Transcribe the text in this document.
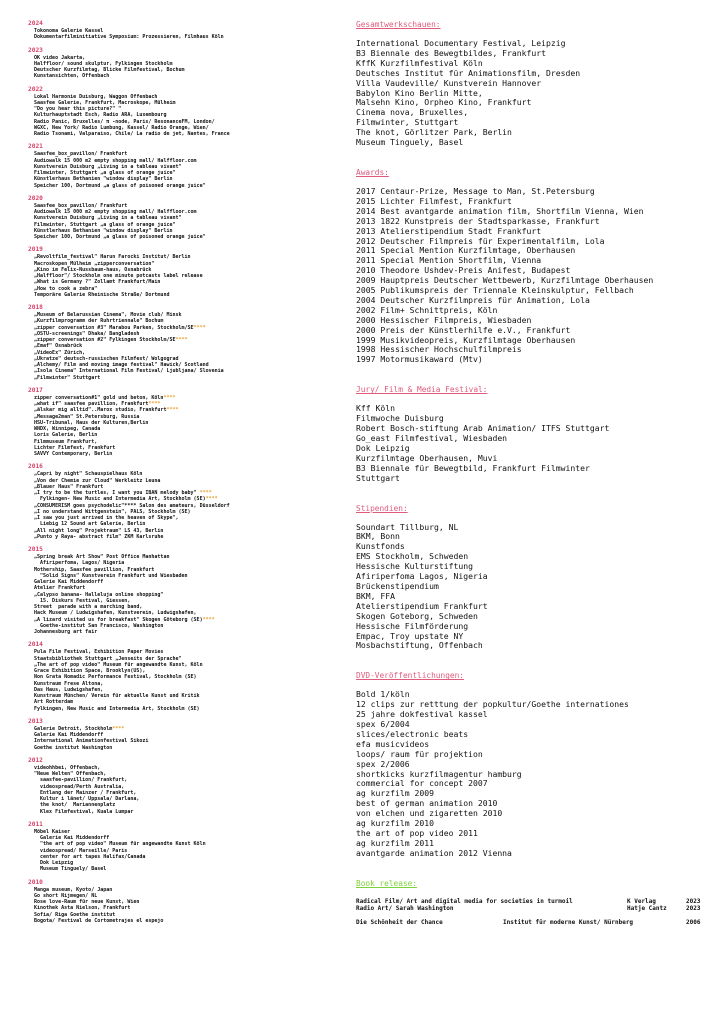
2024
Tokonoma Galerie Kassel
Dokumentarfilminitiative Symposium: Prozessieren, Filmhaus Köln
2023
OK video Jakarta,
Halffloor/ sound skulptur, Fylkingen Stockholm
Deutscher Kurzfilmtag, Blicke Filmfestival, Bochum
Kunstansichten, Offenbach
2022
Lokal Harmonie Duisburg, Waggon Offenbach
Saasfee Galerie, Frankfurt, Macroskope, Mülheim
"Do you hear this picture?" "
Kulturhauptstadt Esch, Radio ARA, Luxembourg
Radio Panic, Bruxelles/ π -node, Paris/ ResonanceFM, London/
WGXC, New York/ Radio Lumbung, Kassel/ Radio Orange, Wien/
Radio Tsonami, Valparaiso, Chile/ La radio de jet, Nantes, France
2021
Saasfee_box_pavillon/ Frankfurt
Audiowalk 15 000 m2 empty shopping mall/ Halffloor.com
Kunstverein Duisburg „Living in a tableau vivant"
Filmwinter, Stuttgart „a glass of orange juice"
Künstlerhaus Bethanien "window display" Berlin
Speicher 100, Dortmund „a glass of poisoned orange juice"
2020
Saasfee_box_pavillon/ Frankfurt
Audiowalk 15 000 m2 empty shopping mall/ Halffloor.com
Kunstverein Duisburg „Living in a tableau vivant"
Filmwinter, Stuttgart „a glass of orange juice"
Künstlerhaus Bethanien "window display" Berlin
Speicher 100, Dortmund „a glass of poisoned orange juice"
2019
„Revoltfilm_festival" Harun Farocki Institut/ Berlin
Macroskopen_Mülheim „zipperconversation"
„Kino im Felix-Nussbaum-haus, Osnabrück
„Halffloor"/ Stockholm one minute potcasts label release
„What is Germany ?" Zollamt Frankfurt/Main
„How to cook a zebra"
Temporäre Galerie Rheinische Straße/ Dortmund
2018
„Museum of Belarussian Cinema", Movie club/ Minsk
„Kurzfilmprogramm der Ruhrtriennale" Bochum
„zipper conversation #3" Marabou Parken, Stockholm/SE****
„OSTU-screenings" Dhaka/ Bangladesh
„zipper conversation #2" Fylkingen Stockholm/SE****
„Emaf" Osnabrück
„VideoEx" Zürich,
„Ukratze" deutsch-russischen Filmfest/ Wolgograd
„Alchemy/ Film and moving image festival" Hawick/ Scotland
„Isola Cinema" International Film Festival/ Ljubljana/ Slovenia
„Filmwinter" Stuttgart
2017
zipper conversation#1" gold und beton, Köln****
„what if" saasfee pavillion, Frankfurt****
„älskar mig alltid"..Marox studio, Frankfurt****
„Message2man" St.Petersburg, Russia
HSU-Tribunal, Haus der Kulturen,Berlin
WNDX, Winnipeg, Canada
Loris Galerie, Berlin
Filmmuseum Frankfurt,
Lichter Filmfest, Frankfurt
SAVVY Contemporary, Berlin
2016
„Capri by night" Schauspielhaus Köln
„Von der Chemie zur Cloud" Werkleitz Leuna
„Blauer Haus" Frankfurt
„I try to be the turtles, I want you IBAN melody baby" ****
Fylkingen- New Music and Intermedia Art, Stockholm (SE)****
„CONSUMERISM goes psychodelic"**** Salon des amateurs, Düsseldorf
„I no understand Wittgenstein", PALS, Stockholm (SE)
„I saw you just arrived in the heaven of Skype",
Liebig 12 Sound art Galerie, Berlin
„All night long" Projektraum" LS 43, Berlin
„Punto y Raya- abstract film" ZKM Karlsruhe
2015
„Spring break Art Show" Post Office Manhattan
Afiriperfoma, Lagos/ Nigeria
Mothership, Saasfee pavillion, Frankfurt
"Solid Signs" Kunstverein Frankfurt und Wiesbaden
Galerie Kai Middendorff
Atelier Frankfurt
„Calypso banana- Halleluja online shopping"
15. Diskurs Festival, Giessen,
Street  parade with a marching band,
Hack Museum / Ludwigshafen, Kunstverein, Ludwigshafen,
„A lizard visited us for breakfast" Skogen Göteborg (SE)****
Goethe-institut San Francisco, Washington
Johannesburg art fair
2014
Pula Film Festival, Exhibition Paper Movies
Staatsbibliothek Stuttgart „Jenseits der Sprache"
„The art of pop video" Museum für angewandte Kunst, Köln
Grace Exhibition Space, Brooklyn(US),
Non Grata Nomadic Performance Festival, Stockholm (SE)
Kunstraum Frese Altona,
Das Haus, Ludwigshafen,
Kunstraum München/ Verein für aktuelle Kunst und Kritik
Art Rotterdam
Fylkingen, New Music and Intermedia Art, Stockholm (SE)
2013
Galerie Detroit, Stockholm****
Galerie Kai Middendorff
International Animationfestival Sikozi
Goethe institut Washington
2012
videohhbei, Offenbach,
"Neue Welten" Offenbach,
saasfee-pavillion/ Frankfurt,
videospread/Perth Australia,
Entlang der Mainzer / Frankfurt,
Kultur i länet/ Uppsala/ Darlana,
the knot/  Mariannenplatz
Klex Filmfestival, Kuala Lumpar
2011
Möbel Kaiser
Galerie Kai Middendorff
"the art of pop video" Museum für angewandte Kunst Köln
videospread/ Marseille/ Paris
center for art tapes Halifax/Canada
Dok Leipzig
Museum Tinguely/ Basel
2010
Manga museum, Kyoto/ Japan
Go short Nijmegen/ NL
Rose love-Raum für neue Kunst, Wien
Kinothek Asta Nielson, Frankfurt
Sofia/ Riga Goethe institut
Bogota/ Festival de Cortometrajes el espejo
Gesamtwerkschauen:
International Documentary Festival, Leipzig
B3 Biennale des Bewegtbildes, Frankfurt
KffK Kurzfilmfestival Köln
Deutsches Institut für Animationsfilm, Dresden
Villa Vaudeville/ Kunstverein Hannover
Babylon Kino Berlin Mitte,
Malsehn Kino, Orpheo Kino, Frankfurt
Cinema nova, Bruxelles,
Filmwinter, Stuttgart
The knot, Görlitzer Park, Berlin
Museum Tinguely, Basel
Awards:
2017 Centaur-Prize, Message to Man, St.Petersburg
2015 Lichter Filmfest, Frankfurt
2014 Best avantgarde animation film, Shortfilm Vienna, Wien
2013 1822 Kunstpreis der Stadtsparkasse, Frankfurt
2013 Atelierstipendium Stadt Frankfurt
2012 Deutscher Filmpreis für Experimentalfilm, Lola
2011 Special Mention Kurzfilmtage, Oberhausen
2011 Special Mention Shortfilm, Vienna
2010 Theodore Ushdev-Preis Anifest, Budapest
2009 Hauptpreis Deutscher Wettbewerb, Kurzfilmtage Oberhausen
2005 Publikumspreis der Triennale Kleinskulptur, Fellbach
2004 Deutscher Kurzfilmpreis für Animation, Lola
2002 Film+ Schnittpreis, Köln
2000 Hessischer Filmpreis, Wiesbaden
2000 Preis der Künstlerhilfe e.V., Frankfurt
1999 Musikvideopreis, Kurzfilmtage Oberhausen
1998 Hessischer Hochschulfilmpreis
1997 Motormusikaward (Mtv)
Jury/ Film & Media Festival:
Kff Köln
Filmwoche Duisburg
Robert Bosch-stiftung Arab Animation/ ITFS Stuttgart
Go_east Filmfestival, Wiesbaden
Dok Leipzig
Kurzfilmtage Oberhausen, Muvi
B3 Biennale für Bewegtbild, Frankfurt Filmwinter
Stuttgart
Stipendien:
Soundart Tillburg, NL
BKM, Bonn
Kunstfonds
EMS Stockholm, Schweden
Hessische Kulturstiftung
Afiriperfoma Lagos, Nigeria
Brückenstipendium
BKM, FFA
Atelierstipendium Frankfurt
Skogen Goteborg, Schweden
Hessische Filmförderung
Empac, Troy upstate NY
Mosbachstiftung, Offenbach
DVD-Veröffentlichungen:
Bold 1/köln
12 clips zur retttung der popkultur/Goethe internationes
25 jahre dokfestival kassel
spex 6/2004
slices/electronic beats
efa musicvideos
loops/ raum für projektion
spex 2/2006
shortkicks kurzfilmagentur hamburg
commercial for concept 2007
ag kurzfilm 2009
best of german animation 2010
von elchen und zigaretten 2010
ag kurzfilm 2010
the art of pop video 2011
ag kurzfilm 2011
avantgarde animation 2012 Vienna
Book release:
Radical Film/ Art and digital media for societies in turmoil	K Verlag	2023
Radio Art/ Sarah Washington	Hatje Cantz	2023
Die Schönheit der Chance	Institut für moderne Kunst/ Nürnberg	2006
